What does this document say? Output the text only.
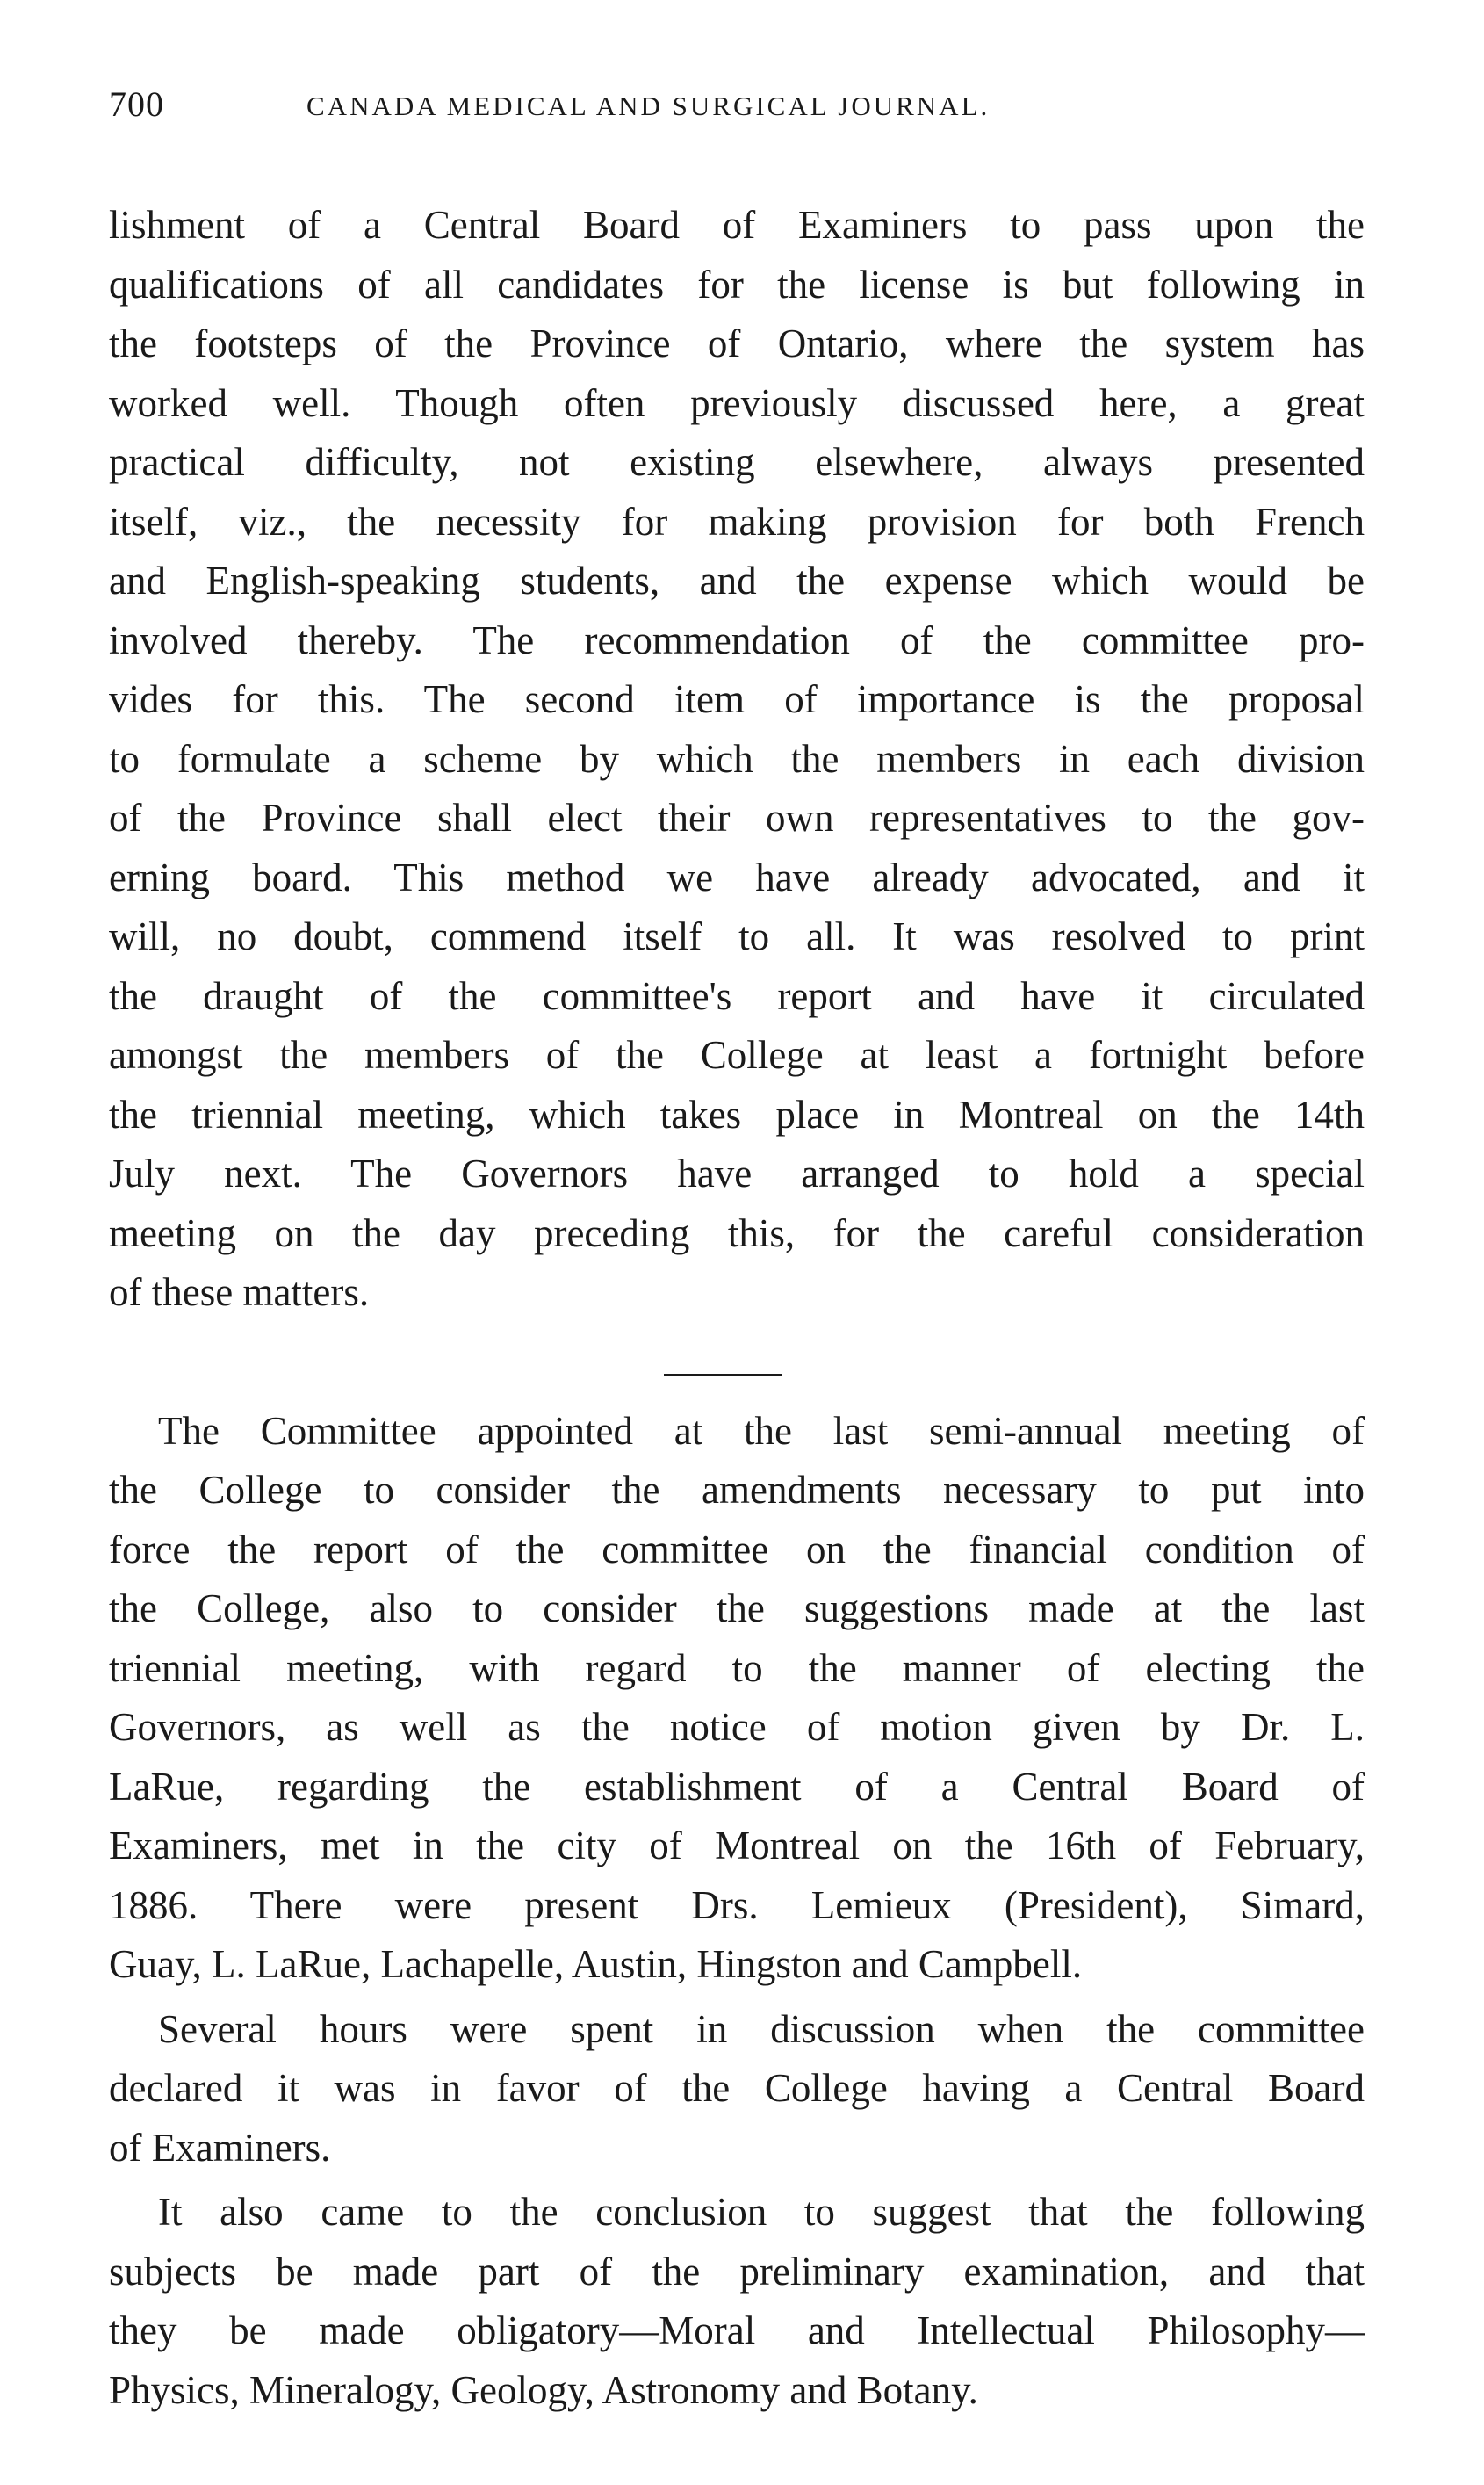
700	CANADA MEDICAL AND SURGICAL JOURNAL.
lishment of a Central Board of Examiners to pass upon the
qualifications of all candidates for the license is but following in
the footsteps of the Province of Ontario, where the system has
worked well. Though often previously discussed here, a great
practical difficulty, not existing elsewhere, always presented
itself, viz., the necessity for making provision for both French
and English-speaking students, and the expense which would be
involved thereby. The recommendation of the committee pro-
vides for this. The second item of importance is the proposal
to formulate a scheme by which the members in each division
of the Province shall elect their own representatives to the gov-
erning board. This method we have already advocated, and it
will, no doubt, commend itself to all. It was resolved to print
the draught of the committee's report and have it circulated
amongst the members of the College at least a fortnight before
the triennial meeting, which takes place in Montreal on the 14th
July next. The Governors have arranged to hold a special
meeting on the day preceding this, for the careful consideration
of these matters.
The Committee appointed at the last semi-annual meeting of
the College to consider the amendments necessary to put into
force the report of the committee on the financial condition of
the College, also to consider the suggestions made at the last
triennial meeting, with regard to the manner of electing the
Governors, as well as the notice of motion given by Dr. L.
LaRue, regarding the establishment of a Central Board of
Examiners, met in the city of Montreal on the 16th of February,
1886. There were present Drs. Lemieux (President), Simard,
Guay, L. LaRue, Lachapelle, Austin, Hingston and Campbell.
Several hours were spent in discussion when the committee
declared it was in favor of the College having a Central Board
of Examiners.
It also came to the conclusion to suggest that the following
subjects be made part of the preliminary examination, and that
they be made obligatory—Moral and Intellectual Philosophy—
Physics, Mineralogy, Geology, Astronomy and Botany.
